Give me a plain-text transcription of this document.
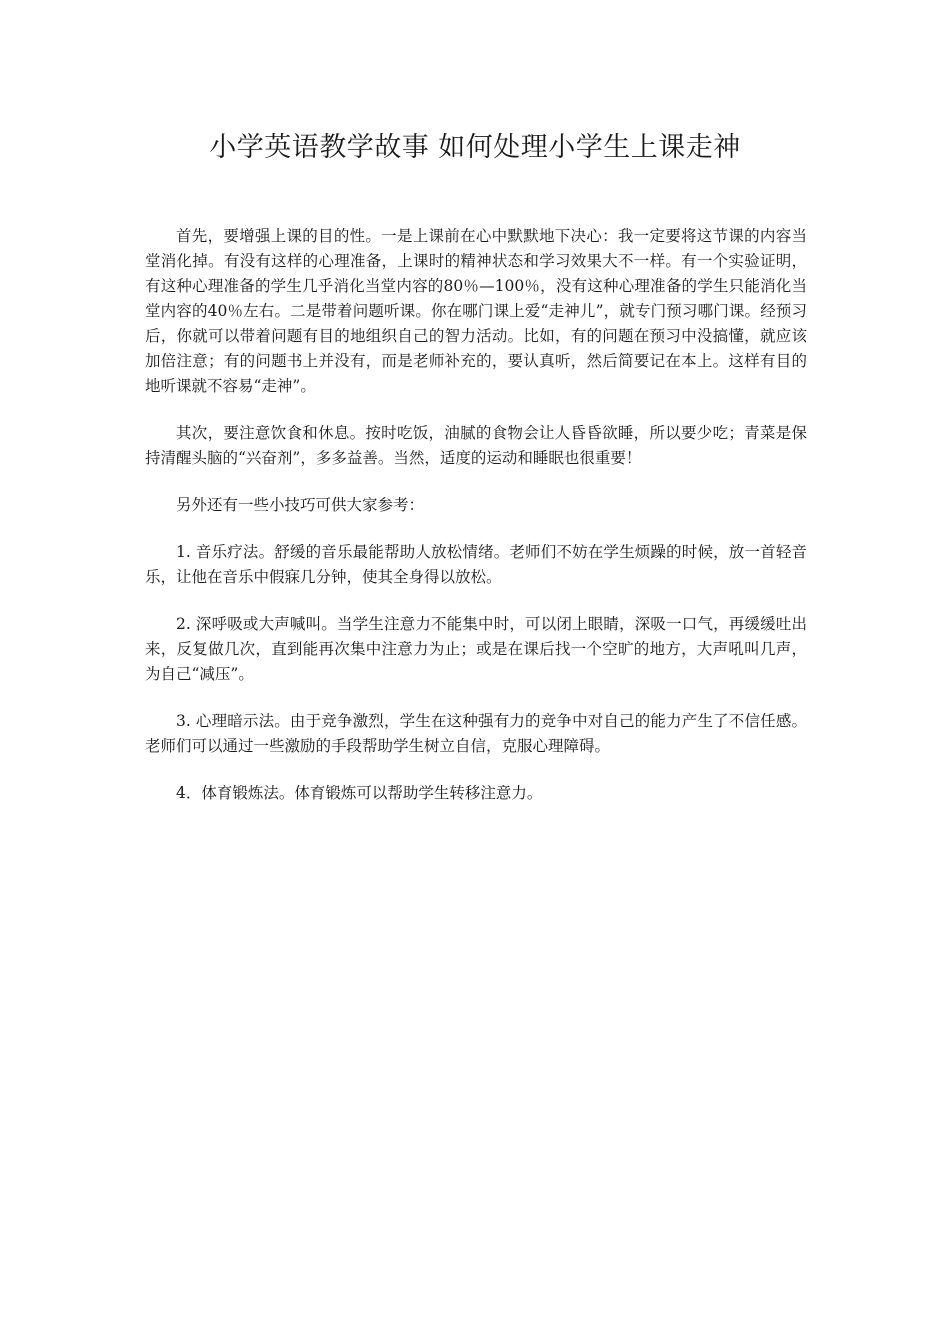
小学英语教学故事 如何处理小学生上课走神

首先，要增强上课的目的性。一是上课前在心中默默地下决心：我一定要将这节课的内容当堂消化掉。有没有这样的心理准备，上课时的精神状态和学习效果大不一样。有一个实验证明，有这种心理准备的学生几乎消化当堂内容的80％—100％，没有这种心理准备的学生只能消化当堂内容的40％左右。二是带着问题听课。你在哪门课上爱“走神儿”，就专门预习哪门课。经预习后，你就可以带着问题有目的地组织自己的智力活动。比如，有的问题在预习中没搞懂，就应该加倍注意；有的问题书上并没有，而是老师补充的，要认真听，然后简要记在本上。这样有目的地听课就不容易“走神”。

其次，要注意饮食和休息。按时吃饭，油腻的食物会让人昏昏欲睡，所以要少吃；青菜是保持清醒头脑的“兴奋剂”，多多益善。当然，适度的运动和睡眠也很重要！

另外还有一些小技巧可供大家参考：

1. 音乐疗法。舒缓的音乐最能帮助人放松情绪。老师们不妨在学生烦躁的时候，放一首轻音乐，让他在音乐中假寐几分钟，使其全身得以放松。

2. 深呼吸或大声喊叫。当学生注意力不能集中时，可以闭上眼睛，深吸一口气，再缓缓吐出来，反复做几次，直到能再次集中注意力为止；或是在课后找一个空旷的地方，大声吼叫几声，为自己“减压”。

3. 心理暗示法。由于竞争激烈，学生在这种强有力的竞争中对自己的能力产生了不信任感。老师们可以通过一些激励的手段帮助学生树立自信，克服心理障碍。

4．体育锻炼法。体育锻炼可以帮助学生转移注意力。
